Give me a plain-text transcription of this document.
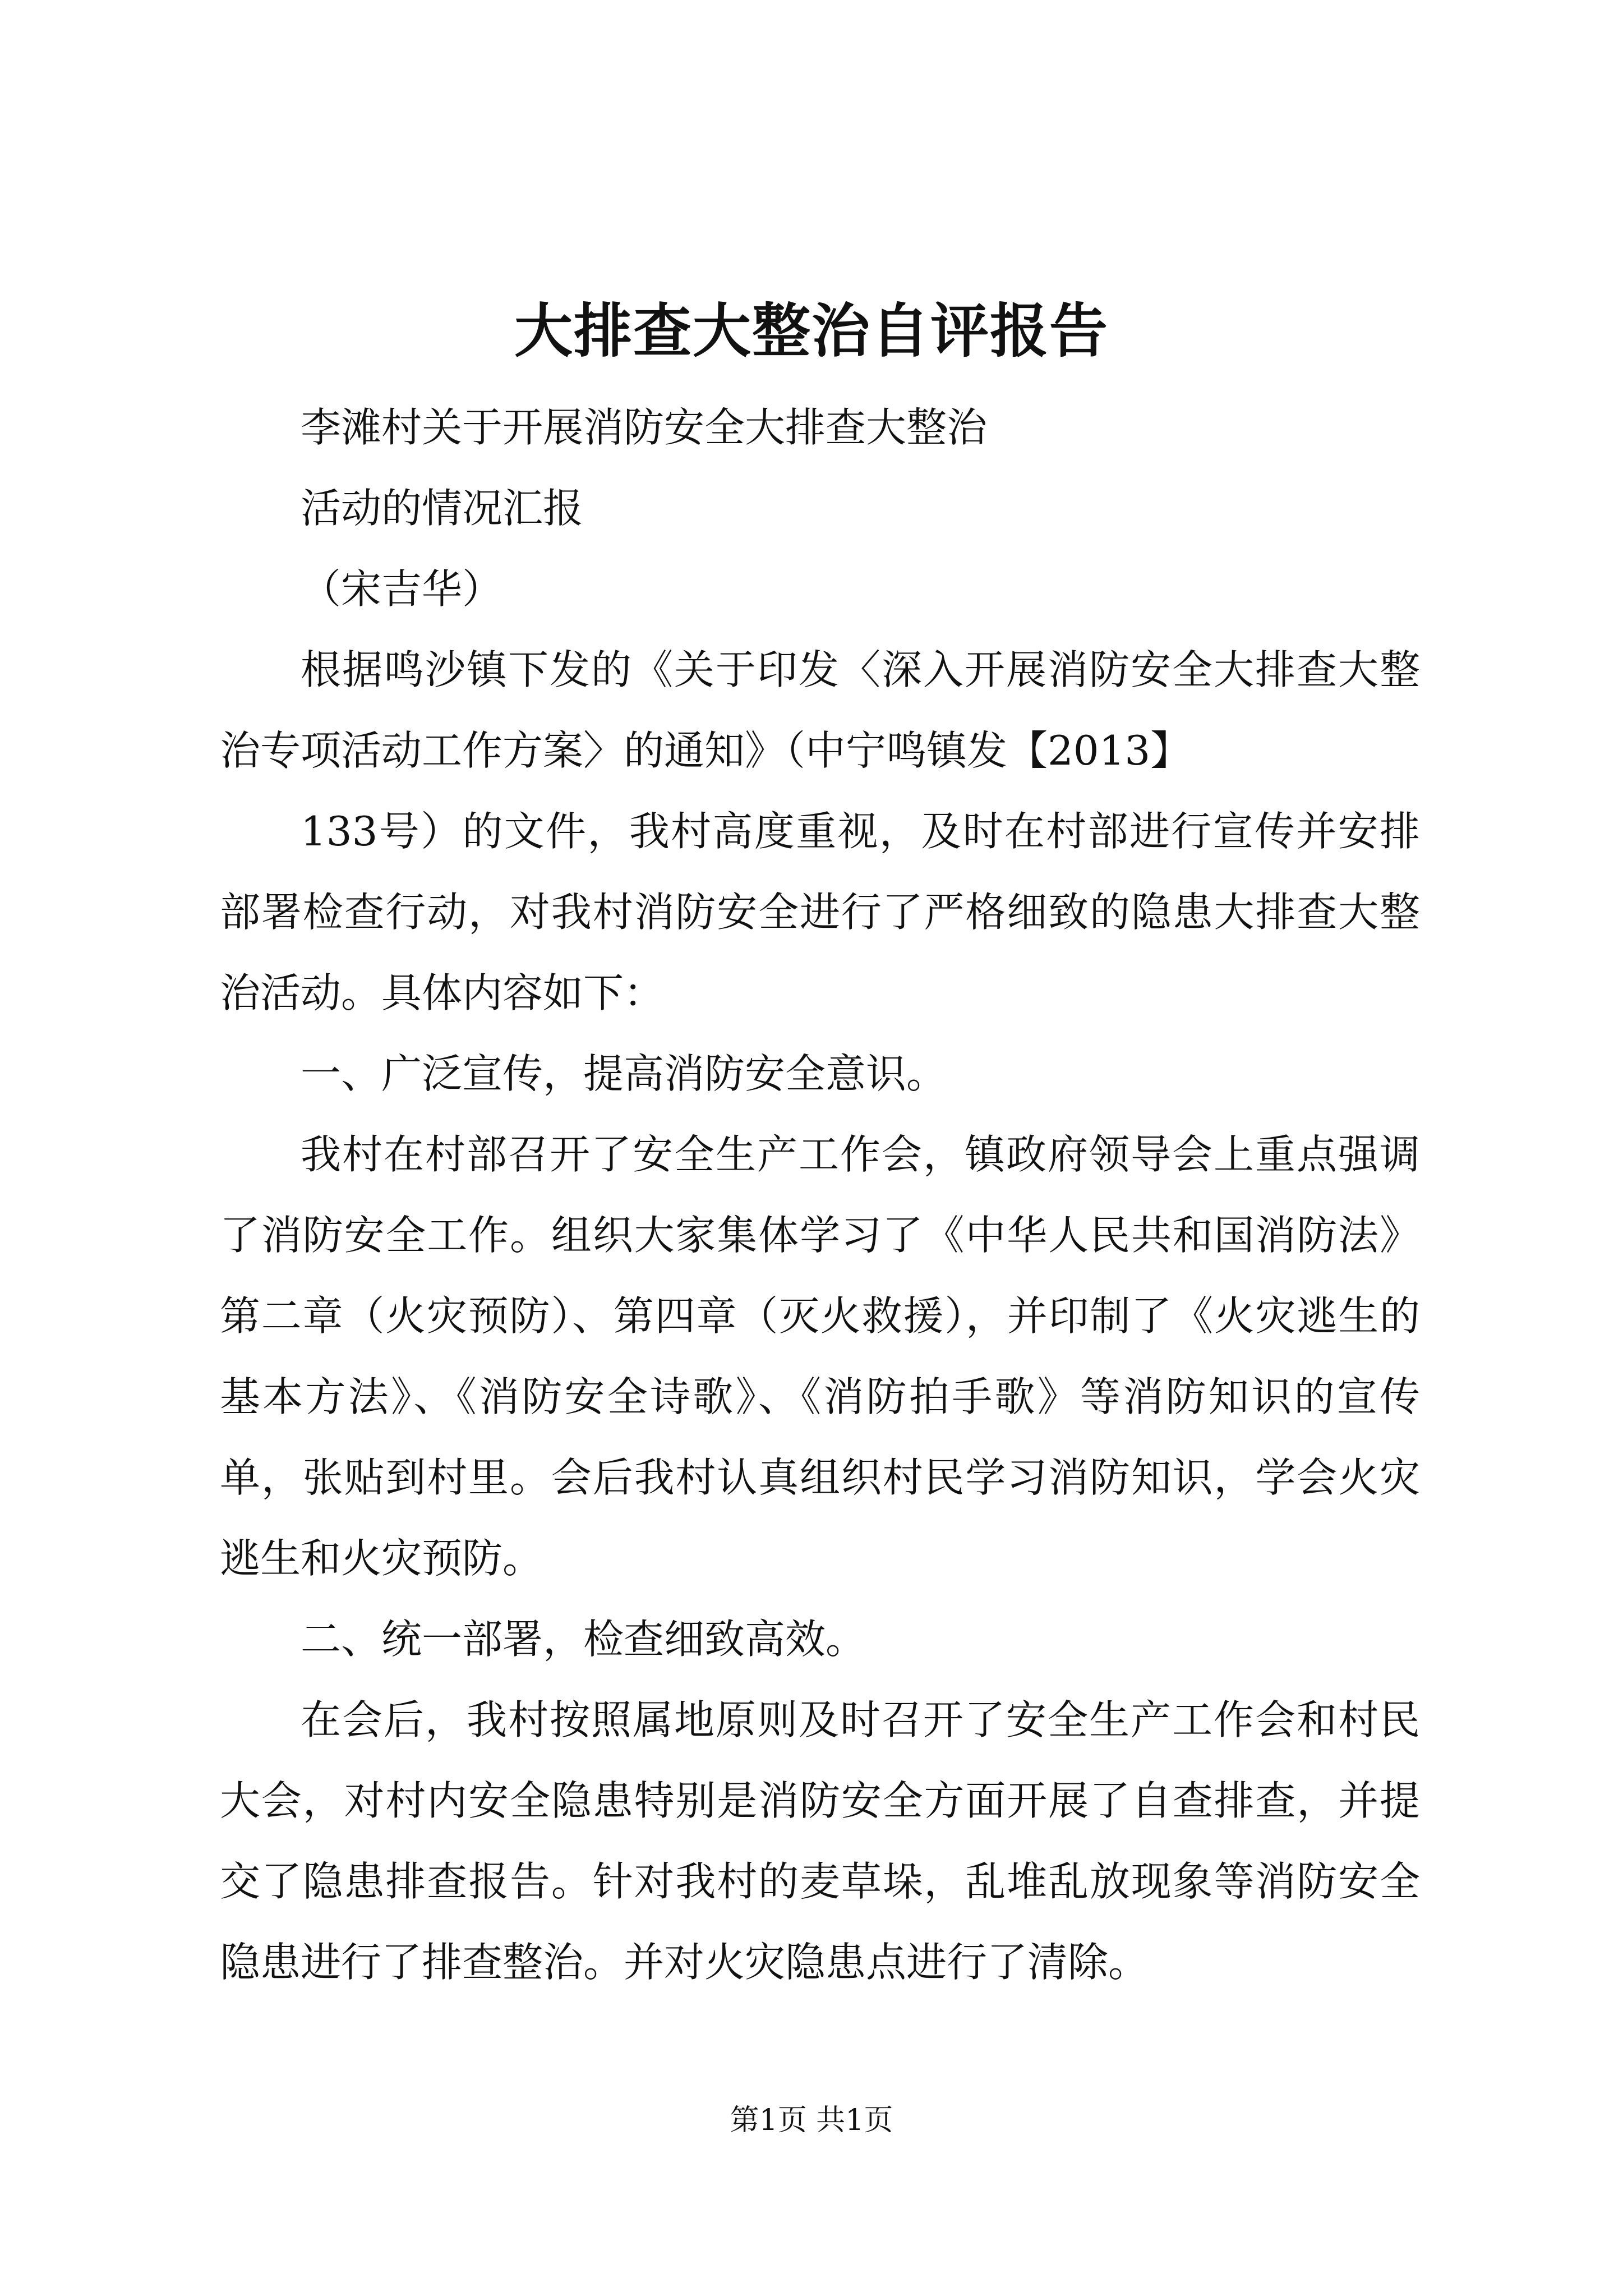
大排查大整治自评报告

李滩村关于开展消防安全大排查大整治

活动的情况汇报

（宋吉华）

根据鸣沙镇下发的《关于印发〈深入开展消防安全大排查大整治专项活动工作方案〉的通知》（中宁鸣镇发【2013】

133号）的文件，我村高度重视，及时在村部进行宣传并安排部署检查行动，对我村消防安全进行了严格细致的隐患大排查大整治活动。具体内容如下：

一、广泛宣传，提高消防安全意识。

我村在村部召开了安全生产工作会，镇政府领导会上重点强调了消防安全工作。组织大家集体学习了《中华人民共和国消防法》第二章（火灾预防）、第四章（灭火救援），并印制了《火灾逃生的基本方法》、《消防安全诗歌》、《消防拍手歌》等消防知识的宣传单，张贴到村里。会后我村认真组织村民学习消防知识，学会火灾逃生和火灾预防。

二、统一部署，检查细致高效。

在会后，我村按照属地原则及时召开了安全生产工作会和村民大会，对村内安全隐患特别是消防安全方面开展了自查排查，并提交了隐患排查报告。针对我村的麦草垛，乱堆乱放现象等消防安全隐患进行了排查整治。并对火灾隐患点进行了清除。

第1页 共1页
